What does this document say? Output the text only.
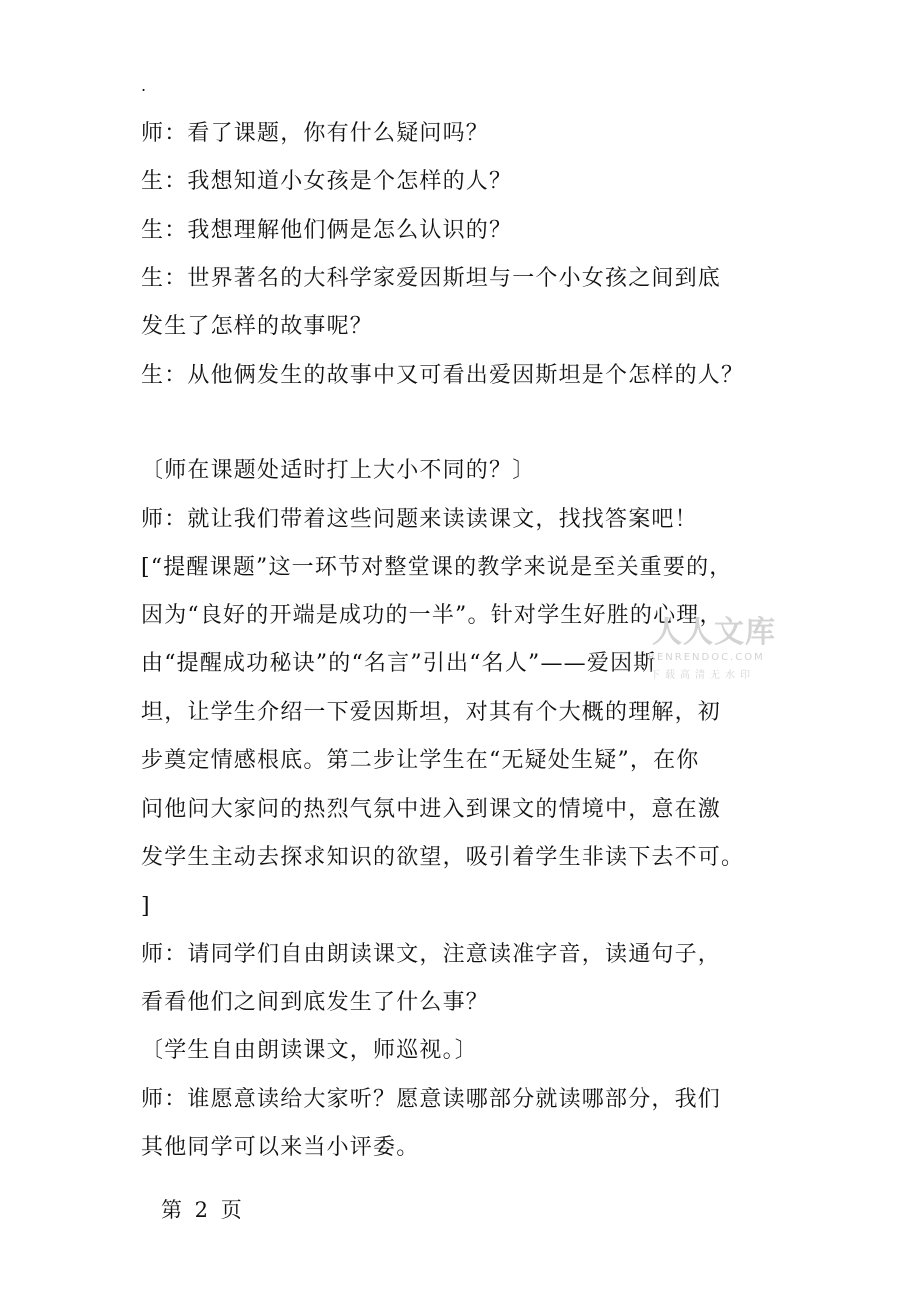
.
师：看了课题，你有什么疑问吗？
生：我想知道小女孩是个怎样的人？
生：我想理解他们俩是怎么认识的？
生：世界著名的大科学家爱因斯坦与一个小女孩之间到底
发生了怎样的故事呢？
生：从他俩发生的故事中又可看出爱因斯坦是个怎样的人？
〔师在课题处适时打上大小不同的？〕
师：就让我们带着这些问题来读读课文，找找答案吧！
[“提醒课题”这一环节对整堂课的教学来说是至关重要的，
因为“良好的开端是成功的一半”。针对学生好胜的心理，
由“提醒成功秘诀”的“名言”引出“名人”——爱因斯
坦，让学生介绍一下爱因斯坦，对其有个大概的理解，初
步奠定情感根底。第二步让学生在“无疑处生疑”，在你
问他问大家问的热烈气氛中进入到课文的情境中，意在激
发学生主动去探求知识的欲望，吸引着学生非读下去不可。
]
师：请同学们自由朗读课文，注意读准字音，读通句子，
看看他们之间到底发生了什么事？
〔学生自由朗读课文，师巡视。〕
师：谁愿意读给大家听？愿意读哪部分就读哪部分，我们
其他同学可以来当小评委。
第 2 页
人人文库
RENRENDOC.COM
下载高清无水印
